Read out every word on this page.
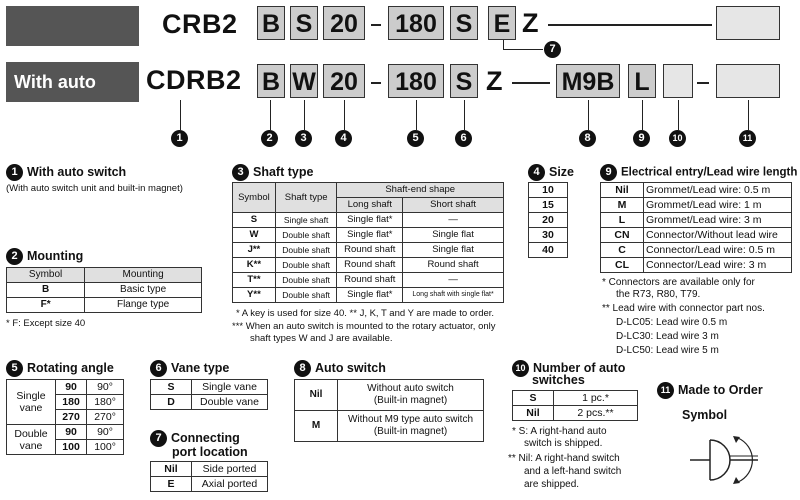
CRB2 B S 20 180 S E Z
7
With auto switch
CDRB2 B W 20 180 S Z M9B L
1	2	3	4	5	6	8	9	10	11
1 With auto switch
(With auto switch unit and built-in magnet)
2 Mounting
Symbol	Mounting
B	Basic type
F*	Flange type
* F: Except size 40
3 Shaft type
Symbol	Shaft type	Shaft-end shape	
		Long shaft	Short shaft
S	Single shaft	Single flat*	—
W	Double shaft	Single flat*	Single flat
J**	Double shaft	Round shaft	Single flat
K**	Double shaft	Round shaft	Round shaft
T**	Double shaft	Round shaft	—
Y**	Double shaft	Single flat*	Long shaft with single flat*
* A key is used for size 40. ** J, K, T and Y are made to order.
*** When an auto switch is mounted to the rotary actuator, only
shaft types W and J are available.
4 Size
10
15
20
30
40
9 Electrical entry/Lead wire length
Nil	Grommet/Lead wire: 0.5 m
M	Grommet/Lead wire: 1 m
L	Grommet/Lead wire: 3 m
CN	Connector/Without lead wire
C	Connector/Lead wire: 0.5 m
CL	Connector/Lead wire: 3 m
* Connectors are available only for
the R73, R80, T79.
** Lead wire with connector part nos.
D-LC05: Lead wire 0.5 m
D-LC30: Lead wire 3 m
D-LC50: Lead wire 5 m
5 Rotating angle
Single vane	90	90°
	180	180°
	270	270°
Double vane	90	90°
	100	100°
6 Vane type
S	Single vane
D	Double vane
7 Connecting
port location
Nil	Side ported
E	Axial ported
8 Auto switch
Nil	Without auto switch
(Built-in magnet)

M	Without M9 type auto switch
(Built-in magnet)
10 Number of auto
switches
S	1 pc.*
Nil	2 pcs.**
* S: A right-hand auto
switch is shipped.
** Nil: A right-hand switch
and a left-hand switch
are shipped.
11 Made to Order
Symbol
